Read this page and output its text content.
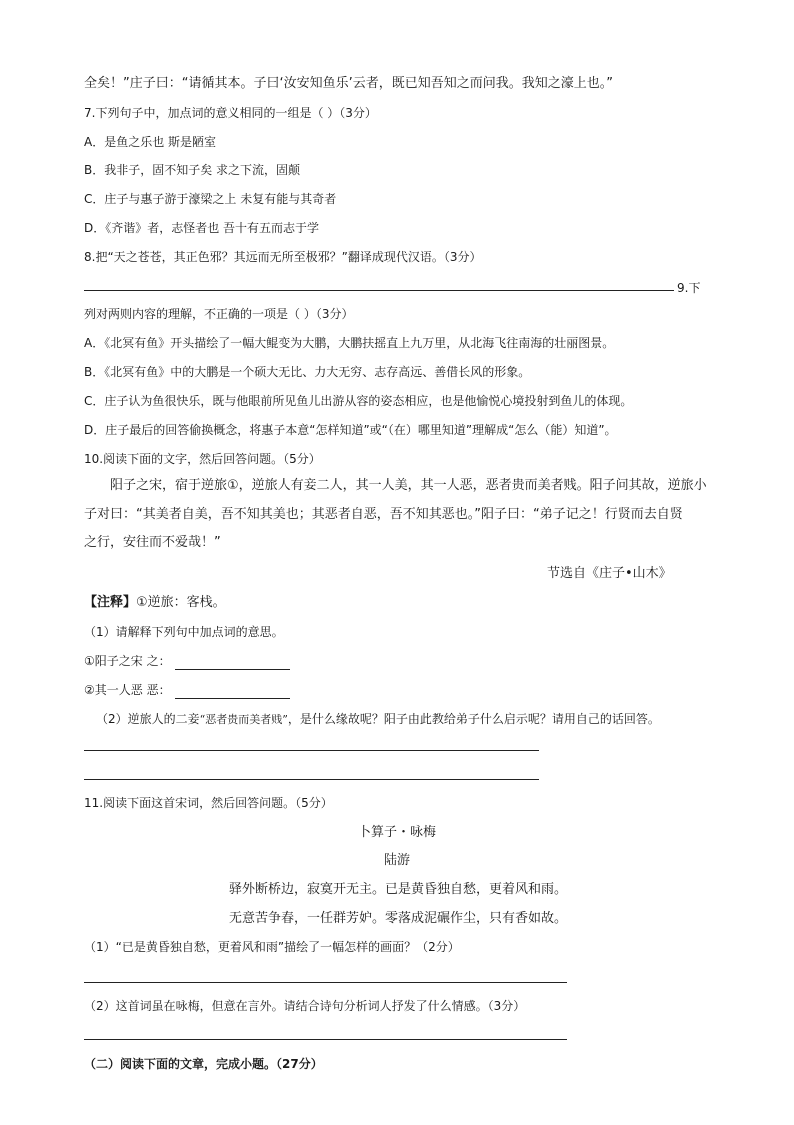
全矣！”庄子曰：“请循其本。子曰‘汝安知鱼乐’云者，既已知吾知之而问我。我知之濠上也。”
7.下列句子中，加点词的意义相同的一组是（ ）（3分）
A．是鱼之乐也 斯是陋室
B．我非子，固不知子矣 求之下流，固颠
C．庄子与惠子游于濠梁之上 未复有能与其奇者
D．《齐谐》者，志怪者也 吾十有五而志于学
8.把“天之苍苍，其正色邪？其远而无所至极邪？”翻译成现代汉语。（3分）
9.下
列对两则内容的理解，不正确的一项是（ ）（3分）
A．《北冥有鱼》开头描绘了一幅大鲲变为大鹏，大鹏扶摇直上九万里，从北海飞往南海的壮丽图景。
B．《北冥有鱼》中的大鹏是一个硕大无比、力大无穷、志存高远、善借长风的形象。
C．庄子认为鱼很快乐，既与他眼前所见鱼儿出游从容的姿态相应，也是他愉悦心境投射到鱼儿的体现。
D．庄子最后的回答偷换概念，将惠子本意“怎样知道”或“（在）哪里知道”理解成“怎么（能）知道”。
10.阅读下面的文字，然后回答问题。（5分）
阳子之宋，宿于逆旅①，逆旅人有妾二人，其一人美，其一人恶，恶者贵而美者贱。阳子问其故，逆旅小
子对曰：“其美者自美，吾不知其美也；其恶者自恶，吾不知其恶也。”阳子曰：“弟子记之！行贤而去自贤
之行，安往而不爱哉！”
节选自《庄子•山木》
【注释】①逆旅：客栈。
（1）请解释下列句中加点词的意思。
①阳子之宋 之：
②其一人恶 恶：
（2）逆旅人的二妾“恶者贵而美者贱”，是什么缘故呢？阳子由此教给弟子什么启示呢？请用自己的话回答。
11.阅读下面这首宋词，然后回答问题。（5分）
卜算子・咏梅
陆游
驿外断桥边，寂寞开无主。已是黄昏独自愁，更着风和雨。
无意苦争春，一任群芳妒。零落成泥碾作尘，只有香如故。
（1）“已是黄昏独自愁，更着风和雨”描绘了一幅怎样的画面？（2分）
（2）这首词虽在咏梅，但意在言外。请结合诗句分析词人抒发了什么情感。（3分）
（二）阅读下面的文章，完成小题。（27分）
